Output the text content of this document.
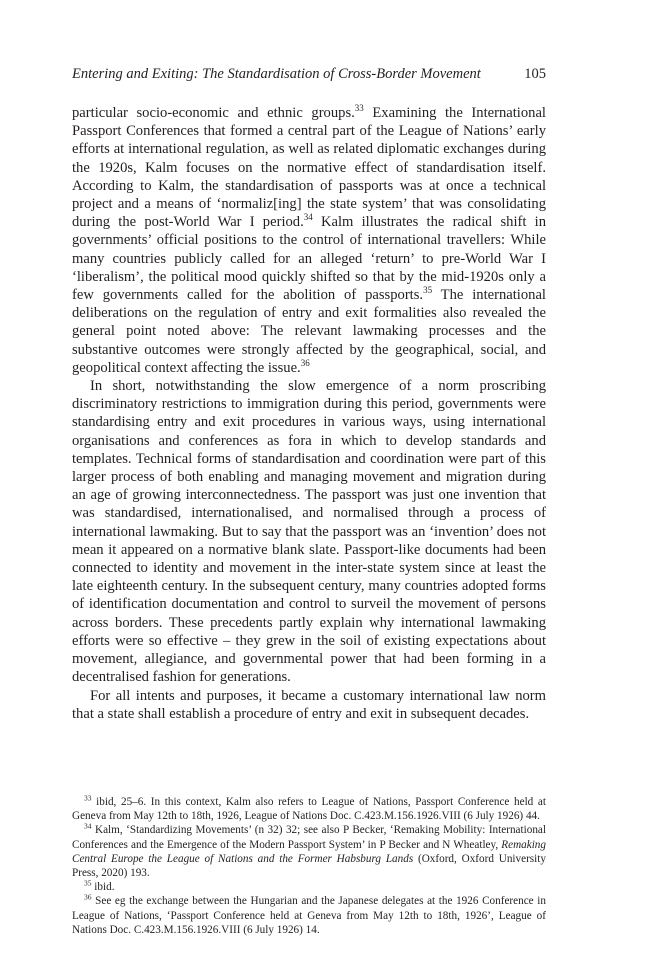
Entering and Exiting: The Standardisation of Cross-Border Movement	105

particular socio-economic and ethnic groups.$^{33}$ Examining the International Passport Conferences that formed a central part of the League of Nations’ early efforts at international regulation, as well as related diplomatic exchanges during the 1920s, Kalm focuses on the normative effect of standardisation itself. According to Kalm, the standardisation of passports was at once a technical project and a means of ‘normaliz[ing] the state system’ that was consolidating during the post-World War I period.$^{34}$ Kalm illustrates the radical shift in governments’ official positions to the control of international travellers: While many countries publicly called for an alleged ‘return’ to pre-World War I ‘liberalism’, the political mood quickly shifted so that by the mid-1920s only a few governments called for the abolition of passports.$^{35}$ The international deliberations on the regulation of entry and exit formalities also revealed the general point noted above: The relevant lawmaking processes and the substantive outcomes were strongly affected by the geographical, social, and geopolitical context affecting the issue.$^{36}$

In short, notwithstanding the slow emergence of a norm proscribing discriminatory restrictions to immigration during this period, governments were standardising entry and exit procedures in various ways, using international organisations and conferences as fora in which to develop standards and templates. Technical forms of standardisation and coordination were part of this larger process of both enabling and managing movement and migration during an age of growing interconnectedness. The passport was just one invention that was standardised, internationalised, and normalised through a process of international lawmaking. But to say that the passport was an ‘invention’ does not mean it appeared on a normative blank slate. Passport-like documents had been connected to identity and movement in the inter-state system since at least the late eighteenth century. In the subsequent century, many countries adopted forms of identification documentation and control to surveil the movement of persons across borders. These precedents partly explain why international lawmaking efforts were so effective – they grew in the soil of existing expectations about movement, allegiance, and governmental power that had been forming in a decentralised fashion for generations.

For all intents and purposes, it became a customary international law norm that a state shall establish a procedure of entry and exit in subsequent decades.

$^{33}$ ibid, 25–6. In this context, Kalm also refers to League of Nations, Passport Conference held at Geneva from May 12th to 18th, 1926, League of Nations Doc. C.423.M.156.1926.VIII (6 July 1926) 44.

$^{34}$ Kalm, ‘Standardizing Movements’ (n 32) 32; see also P Becker, ‘Remaking Mobility: International Conferences and the Emergence of the Modern Passport System’ in P Becker and N Wheatley, Remaking Central Europe the League of Nations and the Former Habsburg Lands (Oxford, Oxford University Press, 2020) 193.

$^{35}$ ibid.

$^{36}$ See eg the exchange between the Hungarian and the Japanese delegates at the 1926 Conference in League of Nations, ‘Passport Conference held at Geneva from May 12th to 18th, 1926’, League of Nations Doc. C.423.M.156.1926.VIII (6 July 1926) 14.
